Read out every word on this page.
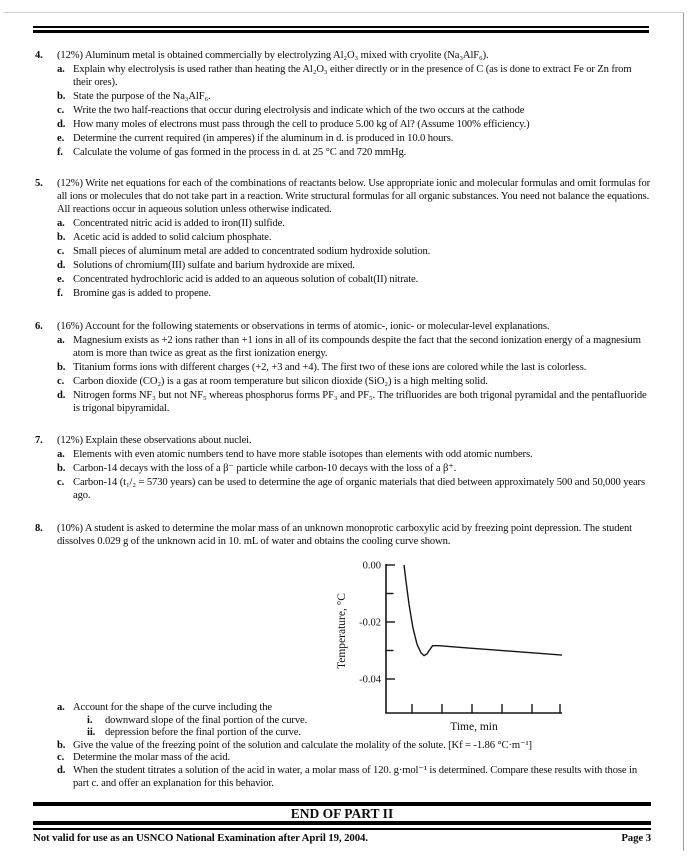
4.	(12%) Aluminum metal is obtained commercially by electrolyzing Al₂O₃ mixed with cryolite (Na₃AlF₆).
a. Explain why electrolysis is used rather than heating the Al₂O₃ either directly or in the presence of C (as is done to extract Fe or Zn from their ores).
b. State the purpose of the Na₃AlF₆.
c. Write the two half-reactions that occur during electrolysis and indicate which of the two occurs at the cathode
d. How many moles of electrons must pass through the cell to produce 5.00 kg of Al? (Assume 100% efficiency.)
e. Determine the current required (in amperes) if the aluminum in d. is produced in 10.0 hours.
f. Calculate the volume of gas formed in the process in d. at 25 °C and 720 mmHg.
5.	(12%) Write net equations for each of the combinations of reactants below. Use appropriate ionic and molecular formulas and omit formulas for all ions or molecules that do not take part in a reaction. Write structural formulas for all organic substances. You need not balance the equations. All reactions occur in aqueous solution unless otherwise indicated.
a. Concentrated nitric acid is added to iron(II) sulfide.
b. Acetic acid is added to solid calcium phosphate.
c. Small pieces of aluminum metal are added to concentrated sodium hydroxide solution.
d. Solutions of chromium(III) sulfate and barium hydroxide are mixed.
e. Concentrated hydrochloric acid is added to an aqueous solution of cobalt(II) nitrate.
f. Bromine gas is added to propene.
6.	(16%) Account for the following statements or observations in terms of atomic-, ionic- or molecular-level explanations.
a. Magnesium exists as +2 ions rather than +1 ions in all of its compounds despite the fact that the second ionization energy of a magnesium atom is more than twice as great as the first ionization energy.
b. Titanium forms ions with different charges (+2, +3 and +4). The first two of these ions are colored while the last is colorless.
c. Carbon dioxide (CO₂) is a gas at room temperature but silicon dioxide (SiO₂) is a high melting solid.
d. Nitrogen forms NF₃ but not NF₅ whereas phosphorus forms PF₃ and PF₅. The trifluorides are both trigonal pyramidal and the pentafluoride is trigonal bipyramidal.
7.	(12%) Explain these observations about nuclei.
a. Elements with even atomic numbers tend to have more stable isotopes than elements with odd atomic numbers.
b. Carbon-14 decays with the loss of a β⁻ particle while carbon-10 decays with the loss of a β⁺.
c. Carbon-14 (t₁/₂ = 5730 years) can be used to determine the age of organic materials that died between approximately 500 and 50,000 years ago.
8.	(10%) A student is asked to determine the molar mass of an unknown monoprotic carboxylic acid by freezing point depression. The student dissolves 0.029 g of the unknown acid in 10. mL of water and obtains the cooling curve shown.
0.00
-0.02
-0.04
Temperature, °C
Time, min
a. Account for the shape of the curve including the
i.	downward slope of the final portion of the curve.
ii. depression before the final portion of the curve.
b. Give the value of the freezing point of the solution and calculate the molality of the solute. [Kf = -1.86 °C·m⁻¹]
c. Determine the molar mass of the acid.
d. When the student titrates a solution of the acid in water, a molar mass of 120. g·mol⁻¹ is determined. Compare these results with those in part c. and offer an explanation for this behavior.
END OF PART II
Not valid for use as an USNCO National Examination after April 19, 2004.	Page 3
